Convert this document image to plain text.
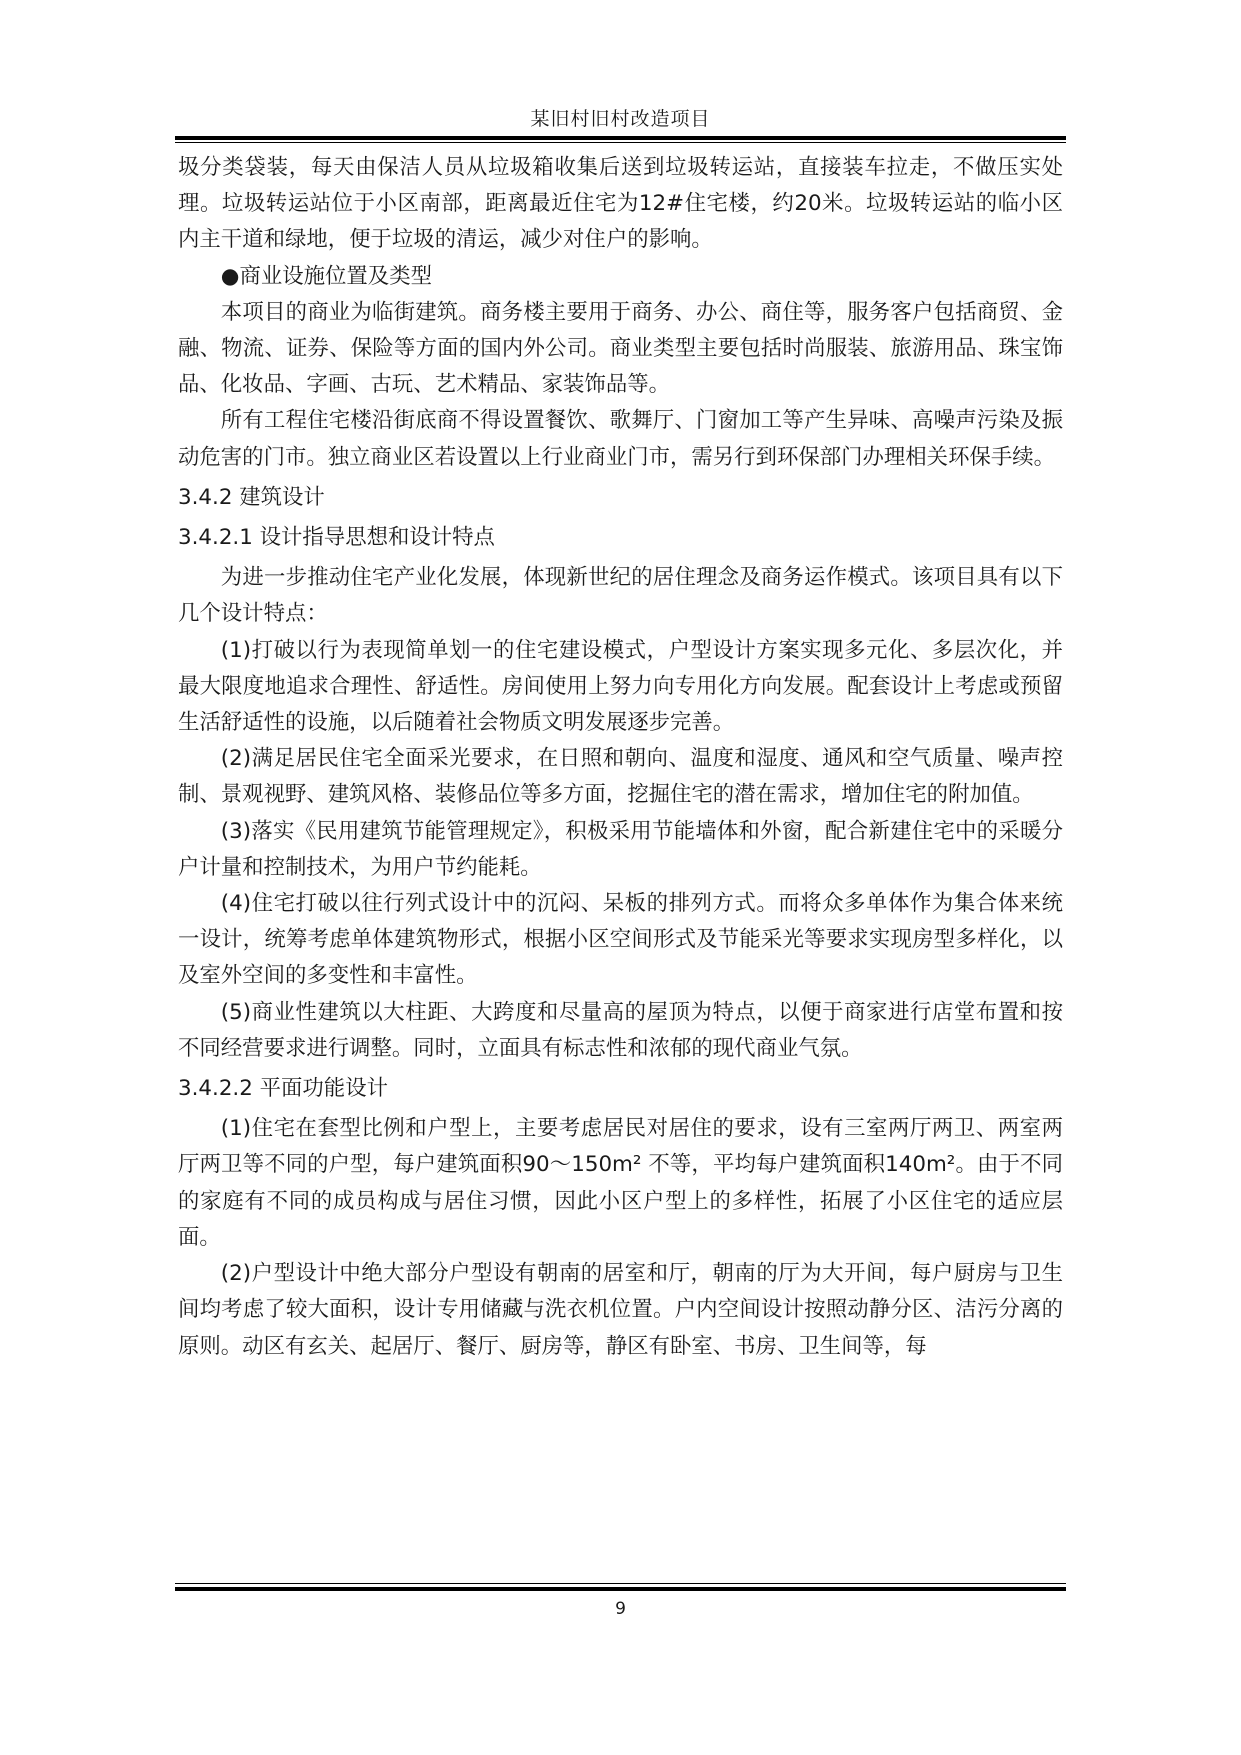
某旧村旧村改造项目

圾分类袋装，每天由保洁人员从垃圾箱收集后送到垃圾转运站，直接装车拉走，不做压实处理。垃圾转运站位于小区南部，距离最近住宅为12#住宅楼，约20米。垃圾转运站的临小区内主干道和绿地，便于垃圾的清运，减少对住户的影响。

●商业设施位置及类型

本项目的商业为临街建筑。商务楼主要用于商务、办公、商住等，服务客户包括商贸、金融、物流、证券、保险等方面的国内外公司。商业类型主要包括时尚服装、旅游用品、珠宝饰品、化妆品、字画、古玩、艺术精品、家装饰品等。

所有工程住宅楼沿街底商不得设置餐饮、歌舞厅、门窗加工等产生异味、高噪声污染及振动危害的门市。独立商业区若设置以上行业商业门市，需另行到环保部门办理相关环保手续。

3.4.2 建筑设计

3.4.2.1 设计指导思想和设计特点

为进一步推动住宅产业化发展，体现新世纪的居住理念及商务运作模式。该项目具有以下几个设计特点：

(1)打破以行为表现简单划一的住宅建设模式，户型设计方案实现多元化、多层次化，并最大限度地追求合理性、舒适性。房间使用上努力向专用化方向发展。配套设计上考虑或预留生活舒适性的设施，以后随着社会物质文明发展逐步完善。

(2)满足居民住宅全面采光要求，在日照和朝向、温度和湿度、通风和空气质量、噪声控制、景观视野、建筑风格、装修品位等多方面，挖掘住宅的潜在需求，增加住宅的附加值。

(3)落实《民用建筑节能管理规定》，积极采用节能墙体和外窗，配合新建住宅中的采暖分户计量和控制技术，为用户节约能耗。

(4)住宅打破以往行列式设计中的沉闷、呆板的排列方式。而将众多单体作为集合体来统一设计，统筹考虑单体建筑物形式，根据小区空间形式及节能采光等要求实现房型多样化，以及室外空间的多变性和丰富性。

(5)商业性建筑以大柱距、大跨度和尽量高的屋顶为特点，以便于商家进行店堂布置和按不同经营要求进行调整。同时，立面具有标志性和浓郁的现代商业气氛。

3.4.2.2 平面功能设计

(1)住宅在套型比例和户型上，主要考虑居民对居住的要求，设有三室两厅两卫、两室两厅两卫等不同的户型，每户建筑面积90～150m² 不等，平均每户建筑面积140m²。由于不同的家庭有不同的成员构成与居住习惯，因此小区户型上的多样性，拓展了小区住宅的适应层面。

(2)户型设计中绝大部分户型设有朝南的居室和厅，朝南的厅为大开间，每户厨房与卫生间均考虑了较大面积，设计专用储藏与洗衣机位置。户内空间设计按照动静分区、洁污分离的原则。动区有玄关、起居厅、餐厅、厨房等，静区有卧室、书房、卫生间等，每

9
